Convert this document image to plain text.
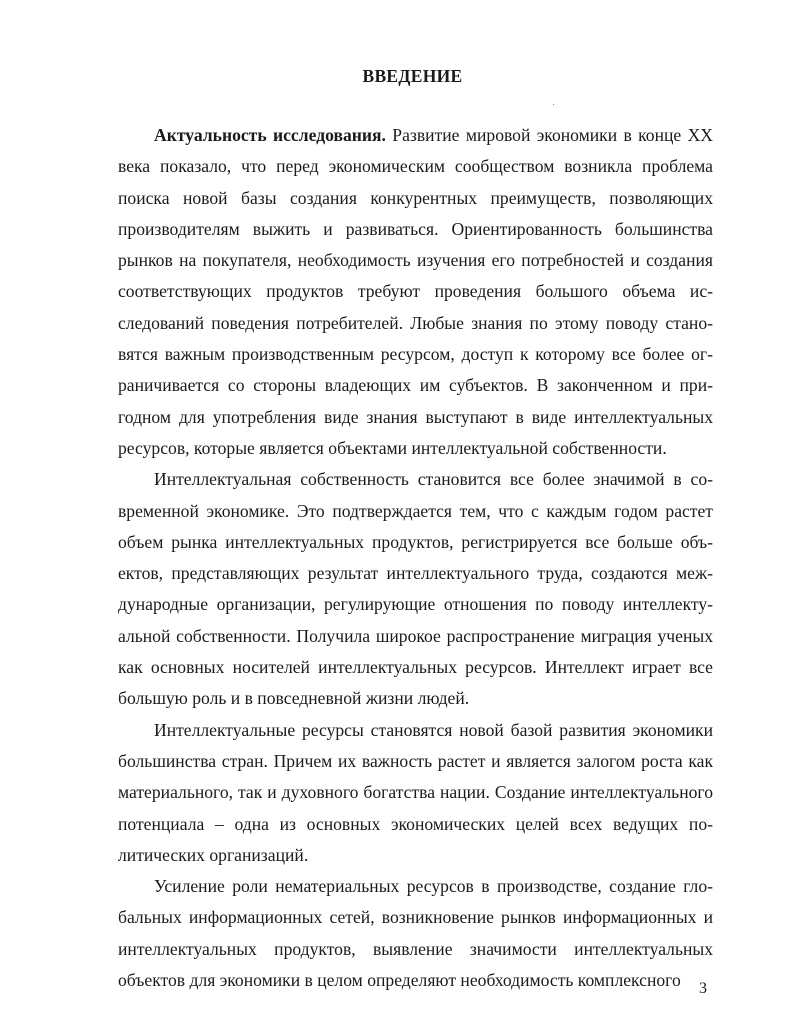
ВВЕДЕНИЕ

Актуальность исследования. Развитие мировой экономики в конце XX века показало, что перед экономическим сообществом возникла проблема поиска новой базы создания конкурентных преимуществ, позволяющих производителям выжить и развиваться. Ориентированность большинства рынков на покупателя, необходимость изучения его потребностей и создания соответствующих продуктов требуют проведения большого объема исследований поведения потребителей. Любые знания по этому поводу становятся важным производственным ресурсом, доступ к которому все более ограничивается со стороны владеющих им субъектов. В законченном и пригодном для употребления виде знания выступают в виде интеллектуальных ресурсов, которые является объектами интеллектуальной собственности.

Интеллектуальная собственность становится все более значимой в современной экономике. Это подтверждается тем, что с каждым годом растет объем рынка интеллектуальных продуктов, регистрируется все больше объектов, представляющих результат интеллектуального труда, создаются международные организации, регулирующие отношения по поводу интеллектуальной собственности. Получила широкое распространение миграция ученых как основных носителей интеллектуальных ресурсов. Интеллект играет все большую роль и в повседневной жизни людей.

Интеллектуальные ресурсы становятся новой базой развития экономики большинства стран. Причем их важность растет и является залогом роста как материального, так и духовного богатства нации. Создание интеллектуального потенциала – одна из основных экономических целей всех ведущих политических организаций.

Усиление роли нематериальных ресурсов в производстве, создание глобальных информационных сетей, возникновение рынков информационных и интеллектуальных продуктов, выявление значимости интеллектуальных объектов для экономики в целом определяют необходимость комплексного	3
